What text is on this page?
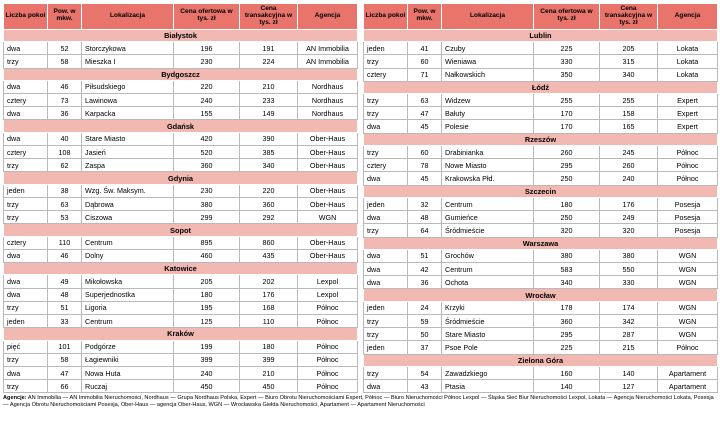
Liczba pokoi	Pow. w mkw.	Lokalizacja	Cena ofertowa w tys. zł	Cena transakcyjna w tys. zł	Agencja
Białystok					
dwa	52	Storczykowa	196	191	AN Immobilia
trzy	58	Mieszka I	230	224	AN Immobilia
Bydgoszcz					
dwa	46	Piłsudskiego	220	210	Nordhaus
cztery	73	Lawinowa	240	233	Nordhaus
dwa	36	Karpacka	155	149	Nordhaus
Gdańsk					
dwa	40	Stare Miasto	420	390	Ober-Haus
cztery	108	Jasień	520	385	Ober-Haus
trzy	62	Zaspa	360	340	Ober-Haus
Gdynia					
jeden	38	Wzg. Św. Maksym.	230	220	Ober-Haus
trzy	63	Dąbrowa	380	360	Ober-Haus
trzy	53	Ciszowa	299	292	WGN
Sopot					
cztery	110	Centrum	895	860	Ober-Haus
dwa	46	Dolny	460	435	Ober-Haus
Katowice					
dwa	49	Mikołowska	205	202	Lexpol
dwa	48	Superjednostka	180	176	Lexpol
trzy	51	Ligoria	195	168	Północ
jeden	33	Centrum	125	110	Północ
Kraków					
pięć	101	Podgórze	199	180	Północ
trzy	58	Łagiewniki	399	399	Północ
dwa	47	Nowa Huta	240	210	Północ
trzy	66	Ruczaj	450	450	Północ
Liczba pokoi	Pow. w mkw.	Lokalizacja	Cena ofertowa w tys. zł	Cena transakcyjna w tys. zł	Agencja
Lublin					
jeden	41	Czuby	225	205	Lokata
trzy	60	Wieniawa	330	315	Lokata
cztery	71	Nałkowskich	350	340	Lokata
Łódź					
trzy	63	Widzew	255	255	Expert
trzy	47	Bałuty	170	158	Expert
dwa	45	Polesie	170	165	Expert
Rzeszów					
trzy	60	Drabinianka	260	245	Północ
cztery	78	Nowe Miasto	295	260	Północ
dwa	45	Krakowska Płd.	250	240	Północ
Szczecin					
jeden	32	Centrum	180	176	Posesja
dwa	48	Gumieńce	250	249	Posesja
trzy	64	Śródmieście	320	320	Posesja
Warszawa					
dwa	51	Grochów	380	380	WGN
dwa	42	Centrum	583	550	WGN
dwa	36	Ochota	340	330	WGN
Wrocław					
jeden	24	Krzyki	178	174	WGN
trzy	59	Śródmieście	360	342	WGN
trzy	50	Stare Miasto	295	287	WGN
jeden	37	Psoe Pole	225	215	Północ
Zielona Góra					
trzy	54	Zawadzkiego	160	140	Apartament
dwa	43	Ptasia	140	127	Apartament
Agencje: AN Immobilia — AN Immobilia Nieruchomości, Nordhaus — Grupa Nordhaus Polska, Expert — Biuro Obrotu Nieruchomościami Expert, Północ — Biuro Nieruchomości Północ Lexpol — Śląska Sieć Biur Nieruchomości Lexpol, Lokata — Agencja Nieruchomości Lokata, Posesja — Agencja Obrotu Nieruchomościami Posesja, Ober-Haus — agencja Ober-Haus, WGN — Wrocławska Giełda Nieruchomości, Apartament — Apartament Nieruchomości
